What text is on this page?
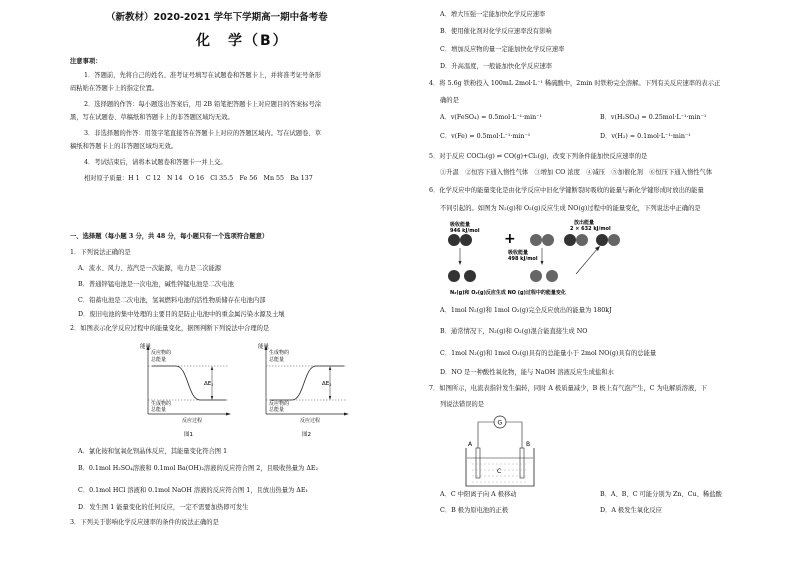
（新教材）2020-2021 学年下学期高一期中备考卷
化　学（B）
注意事项：
1．答题前，先将自己的姓名、准考证号填写在试题卷和答题卡上，并将准考证号条形
码粘贴在答题卡上的指定位置。
2．选择题的作答：每小题选出答案后，用 2B 铅笔把答题卡上对应题目的答案标号涂
黑，写在试题卷、草稿纸和答题卡上的非答题区域均无效。
3．非选择题的作答：用签字笔直接答在答题卡上对应的答题区域内。写在试题卷、草
稿纸和答题卡上的非答题区域均无效。
4．考试结束后，请将本试题卷和答题卡一并上交。
相对原子质量：H 1　C 12　N 14　O 16　Cl 35.5　Fe 56　Mn 55　Ba 137
一、选择题（每小题 3 分，共 48 分，每小题只有一个选项符合题意）
1．下列说法正确的是
A．流水、风力、蒸汽是一次能源，电力是二次能源
B．普通锌锰电池是一次电池，碱性锌锰电池是二次电池
C．铅蓄电池是二次电池，氢氧燃料电池的活性物质储存在电池内部
D．废旧电池的集中处理的主要目的是防止电池中的重金属污染水源及土壤
2．如图表示化学反应过程中的能量变化，据图判断下列说法中合理的是
能量
反应物的
总能量
生成物的
总能量
$\Delta E_1$
反应过程
图1
能量
生成物的
总能量
反应物的
总能量
$\Delta E_2$
反应过程
图2
A．氯化铵和氢氧化钡晶体反应，其能量变化符合图 1
B．0.1mol H₂SO₄溶液和 0.1mol Ba(OH)₂溶液的反应符合图 2，且吸收热量为 ΔE₂
C．0.1mol HCl 溶液和 0.1mol NaOH 溶液的反应符合图 1，且放出热量为 ΔE₁
D．发生图 1 能量变化的任何反应，一定不需要加热即可发生
3．下列关于影响化学反应速率的条件的说法正确的是
A．增大压强一定能加快化学反应速率
B．使用催化剂对化学反应速率没有影响
C．增加反应物的量一定能加快化学反应速率
D．升高温度，一般能加快化学反应速率
4．将 5.6g 铁粉投入 100mL 2mol·L⁻¹ 稀硫酸中，2min 时铁粉完全溶解。下列有关反应速率的表示正
确的是
A．v(FeSO₄) = 0.5mol·L⁻¹·min⁻¹	B．v(H₂SO₄) = 0.25mol·L⁻¹·min⁻¹
C．v(Fe) = 0.5mol·L⁻¹·min⁻¹	D．v(H₂) = 0.1mol·L⁻¹·min⁻¹
5．对于反应 COCl₂(g) ⇌ CO(g)+Cl₂(g)，改变下列条件能加快反应速率的是
①升温　②恒容下通入惰性气体　③增加 CO 浓度　④减压　⑤加催化剂　⑥恒压下通入惰性气体
6．化学反应中的能量变化是由化学反应中旧化学键断裂时吸收的能量与新化学键形成时放出的能量
不同引起的。如图为 N₂(g)和 O₂(g)反应生成 NO(g)过程中的能量变化，下列说法中正确的是
+
吸收能量
946 kJ/mol
吸收能量
498 kJ/mol
放出能量
2 × 632 kJ/mol
N₂(g)和 O₂(g)反应生成 NO (g)过程中的能量变化
A．1mol N₂(g)和 1mol O₂(g)完全反应放出的能量为 180kJ
B．通常情况下，N₂(g)和 O₂(g)混合能直接生成 NO
C．1mol N₂(g)和 1mol O₂(g)具有的总能量小于 2mol NO(g)具有的总能量
D．NO 是一种酸性氧化物，能与 NaOH 溶液反应生成盐和水
7．如图所示，电流表指针发生偏转，同时 A 极质量减少，B 极上有气泡产生，C 为电解质溶液，下
列说法错误的是
G
A	B
C
A．C 中阳离子向 A 极移动	B．A、B、C 可能分别为 Zn、Cu、稀盐酸
C．B 极为原电池的正极	D．A 极发生氧化反应
